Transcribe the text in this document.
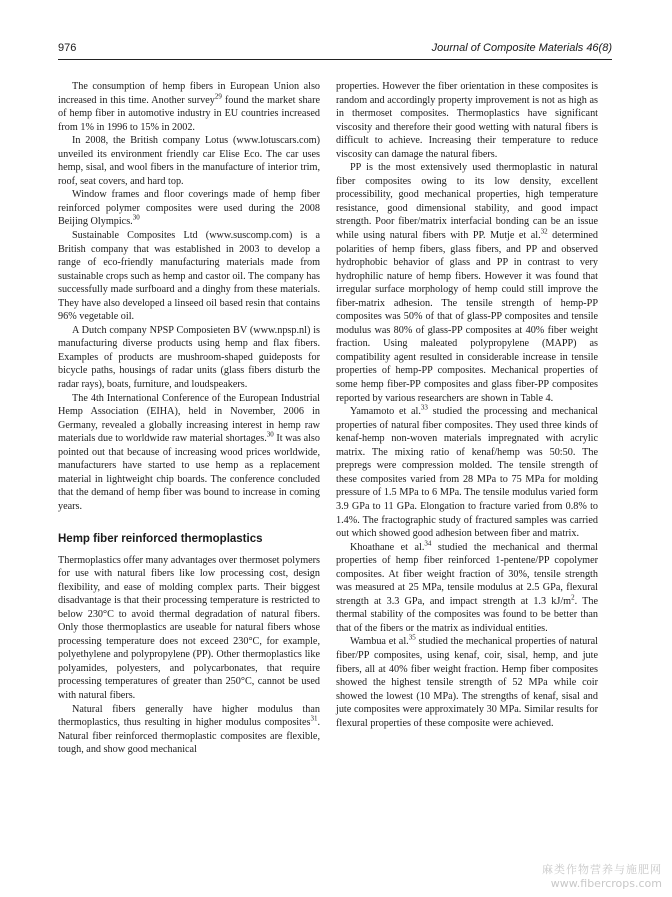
976	Journal of Composite Materials 46(8)

The consumption of hemp fibers in European Union also increased in this time. Another survey$^{29}$ found the market share of hemp fiber in automotive industry in EU countries increased from 1% in 1996 to 15% in 2002.

In 2008, the British company Lotus (www.lotuscars.com) unveiled its environment friendly car Elise Eco. The car uses hemp, sisal, and wool fibers in the manufacture of interior trim, roof, seat covers, and hard top.

Window frames and floor coverings made of hemp fiber reinforced polymer composites were used during the 2008 Beijing Olympics.$^{30}$

Sustainable Composites Ltd (www.suscomp.com) is a British company that was established in 2003 to develop a range of eco-friendly manufacturing materials made from sustainable crops such as hemp and castor oil. The company has successfully made surfboard and a dinghy from these materials. They have also developed a linseed oil based resin that contains 96% vegetable oil.

A Dutch company NPSP Composieten BV (www.npsp.nl) is manufacturing diverse products using hemp and flax fibers. Examples of products are mushroom-shaped guideposts for bicycle paths, housings of radar units (glass fibers disturb the radar rays), boats, furniture, and loudspeakers.

The 4th International Conference of the European Industrial Hemp Association (EIHA), held in November, 2006 in Germany, revealed a globally increasing interest in hemp raw materials due to worldwide raw material shortages.$^{30}$ It was also pointed out that because of increasing wood prices worldwide, manufacturers have started to use hemp as a replacement material in lightweight chip boards. The conference concluded that the demand of hemp fiber was bound to increase in coming years.

Hemp fiber reinforced thermoplastics

Thermoplastics offer many advantages over thermoset polymers for use with natural fibers like low processing cost, design flexibility, and ease of molding complex parts. Their biggest disadvantage is that their processing temperature is restricted to below 230°C to avoid thermal degradation of natural fibers. Only those thermoplastics are useable for natural fibers whose processing temperature does not exceed 230°C, for example, polyethylene and polypropylene (PP). Other thermoplastics like polyamides, polyesters, and polycarbonates, that require processing temperatures of greater than 250°C, cannot be used with natural fibers.

Natural fibers generally have higher modulus than thermoplastics, thus resulting in higher modulus composites$^{31}$. Natural fiber reinforced thermoplastic composites are flexible, tough, and show good mechanical

properties. However the fiber orientation in these composites is random and accordingly property improvement is not as high as in thermoset composites. Thermoplastics have significant viscosity and therefore their good wetting with natural fibers is difficult to achieve. Increasing their temperature to reduce viscosity can damage the natural fibers.

PP is the most extensively used thermoplastic in natural fiber composites owing to its low density, excellent processibility, good mechanical properties, high temperature resistance, good dimensional stability, and good impact strength. Poor fiber/matrix interfacial bonding can be an issue while using natural fibers with PP. Mutje et al.$^{32}$ determined polarities of hemp fibers, glass fibers, and PP and observed hydrophobic behavior of glass and PP in contrast to very hydrophilic nature of hemp fibers. However it was found that irregular surface morphology of hemp could still improve the fiber-matrix adhesion. The tensile strength of hemp-PP composites was 50% of that of glass-PP composites and tensile modulus was 80% of glass-PP composites at 40% fiber weight fraction. Using maleated polypropylene (MAPP) as compatibility agent resulted in considerable increase in tensile properties of hemp-PP composites. Mechanical properties of some hemp fiber-PP composites and glass fiber-PP composites reported by various researchers are shown in Table 4.

Yamamoto et al.$^{33}$ studied the processing and mechanical properties of natural fiber composites. They used three kinds of kenaf-hemp non-woven materials impregnated with acrylic matrix. The mixing ratio of kenaf/hemp was 50:50. The prepregs were compression molded. The tensile strength of these composites varied from 28 MPa to 75 MPa for molding pressure of 1.5 MPa to 6 MPa. The tensile modulus varied form 3.9 GPa to 11 GPa. Elongation to fracture varied from 0.8% to 1.4%. The fractographic study of fractured samples was carried out which showed good adhesion between fiber and matrix.

Khoathane et al.$^{34}$ studied the mechanical and thermal properties of hemp fiber reinforced 1-pentene/PP copolymer composites. At fiber weight fraction of 30%, tensile strength was measured at 25 MPa, tensile modulus at 2.5 GPa, flexural strength at 3.3 GPa, and impact strength at 1.3 $kJ/m^2$. The thermal stability of the composites was found to be better than that of the fibers or the matrix as individual entities.

Wambua et al.$^{35}$ studied the mechanical properties of natural fiber/PP composites, using kenaf, coir, sisal, hemp, and jute fibers, all at 40% fiber weight fraction. Hemp fiber composites showed the highest tensile strength of 52 MPa while coir showed the lowest (10 MPa). The strengths of kenaf, sisal and jute composites were approximately 30 MPa. Similar results for flexural properties of these composite were achieved.

麻类作物营养与施肥网
www.fibercrops.com
